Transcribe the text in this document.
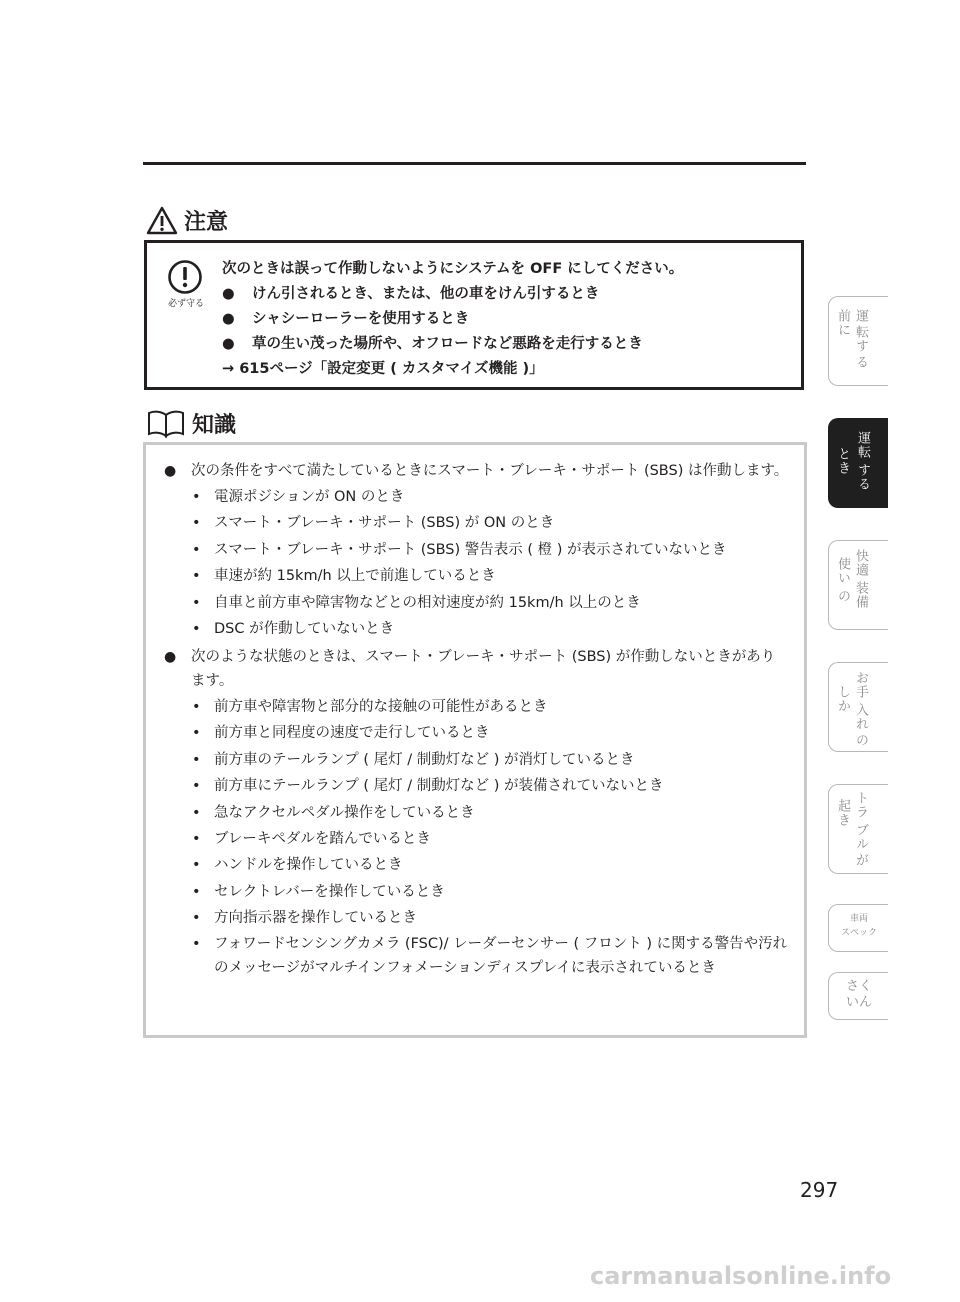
注意
必ず守る
次のときは誤って作動しないようにシステムを OFF にしてください。
● けん引されるとき、または、他の車をけん引するとき
● シャシーローラーを使用するとき
● 草の生い茂った場所や、オフロードなど悪路を走行するとき
→ 615ページ「設定変更 ( カスタマイズ機能 )」
知識
● 次の条件をすべて満たしているときにスマート・ブレーキ・サポート (SBS) は作動します。
• 電源ポジションが ON のとき
• スマート・ブレーキ・サポート (SBS) が ON のとき
• スマート・ブレーキ・サポート (SBS) 警告表示 ( 橙 ) が表示されていないとき
• 車速が約 15km/h 以上で前進しているとき
• 自車と前方車や障害物などとの相対速度が約 15km/h 以上のとき
• DSC が作動していないとき
● 次のような状態のときは、スマート・ブレーキ・サポート (SBS) が作動しないときがあります。
• 前方車や障害物と部分的な接触の可能性があるとき
• 前方車と同程度の速度で走行しているとき
• 前方車のテールランプ ( 尾灯 / 制動灯など ) が消灯しているとき
• 前方車にテールランプ ( 尾灯 / 制動灯など ) が装備されていないとき
• 急なアクセルペダル操作をしているとき
• ブレーキペダルを踏んでいるとき
• ハンドルを操作しているとき
• セレクトレバーを操作しているとき
• 方向指示器を操作しているとき
• フォワードセンシングカメラ (FSC)/ レーダーセンサー ( フロント ) に関する警告や汚れのメッセージがマルチインフォメーションディスプレイに表示されているとき
前に 運
転す
る
とき
運転
する
使い
の
快適
装備
しか お手
入れ
の
起き トラ
ブル
が
車両
スペック
さく
いん
297
carmanualsonline.info
